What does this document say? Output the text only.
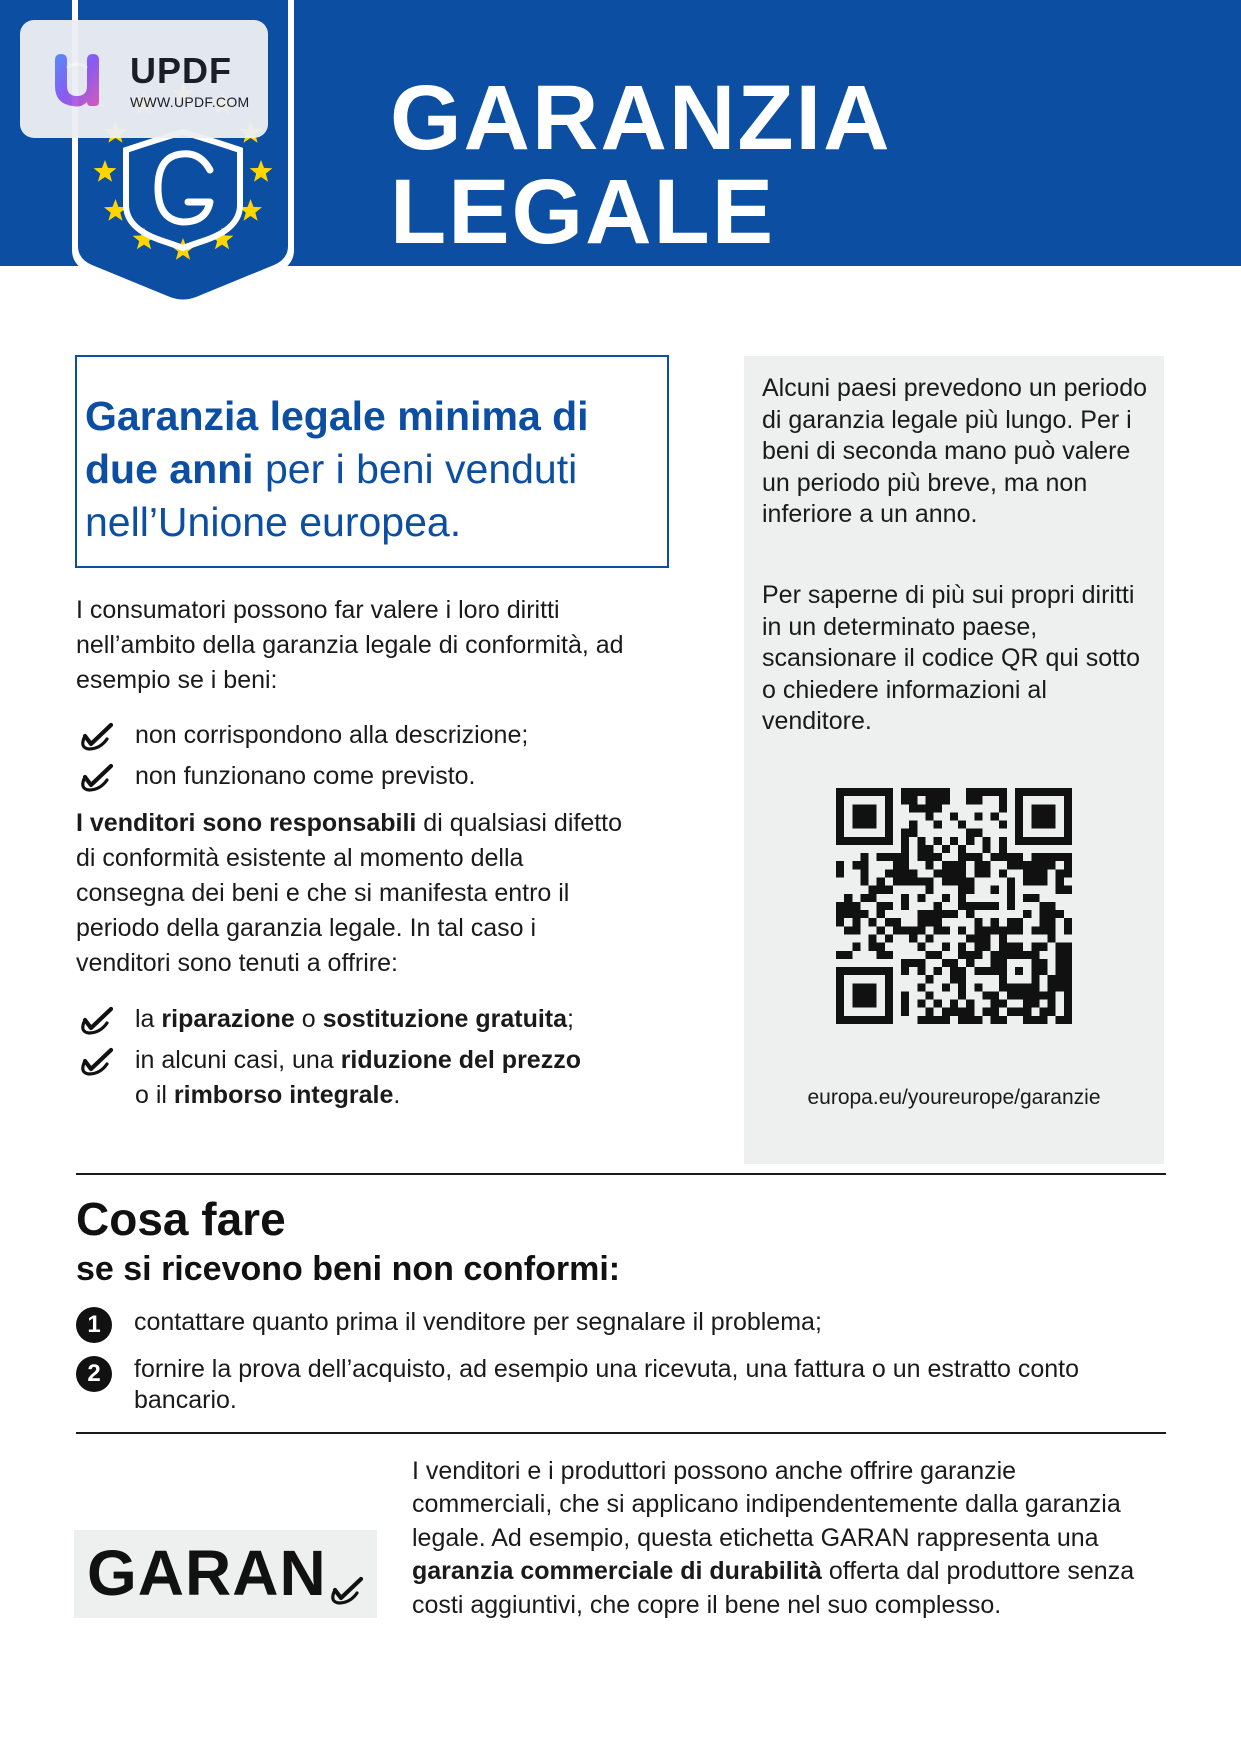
GARANZIA
LEGALE
UPDF
WWW.UPDF.COM
Garanzia legale minima di due anni per i beni venduti nell’Unione europea.
I consumatori possono far valere i loro diritti nell’ambito della garanzia legale di conformità, ad esempio se i beni:
non corrispondono alla descrizione;
non funzionano come previsto.
I venditori sono responsabili di qualsiasi difetto di conformità esistente al momento della consegna dei beni e che si manifesta entro il periodo della garanzia legale. In tal caso i venditori sono tenuti a offrire:
la riparazione o sostituzione gratuita;
in alcuni casi, una riduzione del prezzo
o il rimborso integrale.
Alcuni paesi prevedono un periodo di garanzia legale più lungo. Per i beni di seconda mano può valere un periodo più breve, ma non inferiore a un anno.
Per saperne di più sui propri diritti in un determinato paese, scansionare il codice QR qui sotto o chiedere informazioni al venditore.
europa.eu/youreurope/garanzie
Cosa fare
se si ricevono beni non conformi:
1	contattare quanto prima il venditore per segnalare il problema;
2	fornire la prova dell’acquisto, ad esempio una ricevuta, una fattura o un estratto conto bancario.
GARAN
I venditori e i produttori possono anche offrire garanzie commerciali, che si applicano indipendentemente dalla garanzia legale. Ad esempio, questa etichetta GARAN rappresenta una garanzia commerciale di durabilità offerta dal produttore senza costi aggiuntivi, che copre il bene nel suo complesso.
